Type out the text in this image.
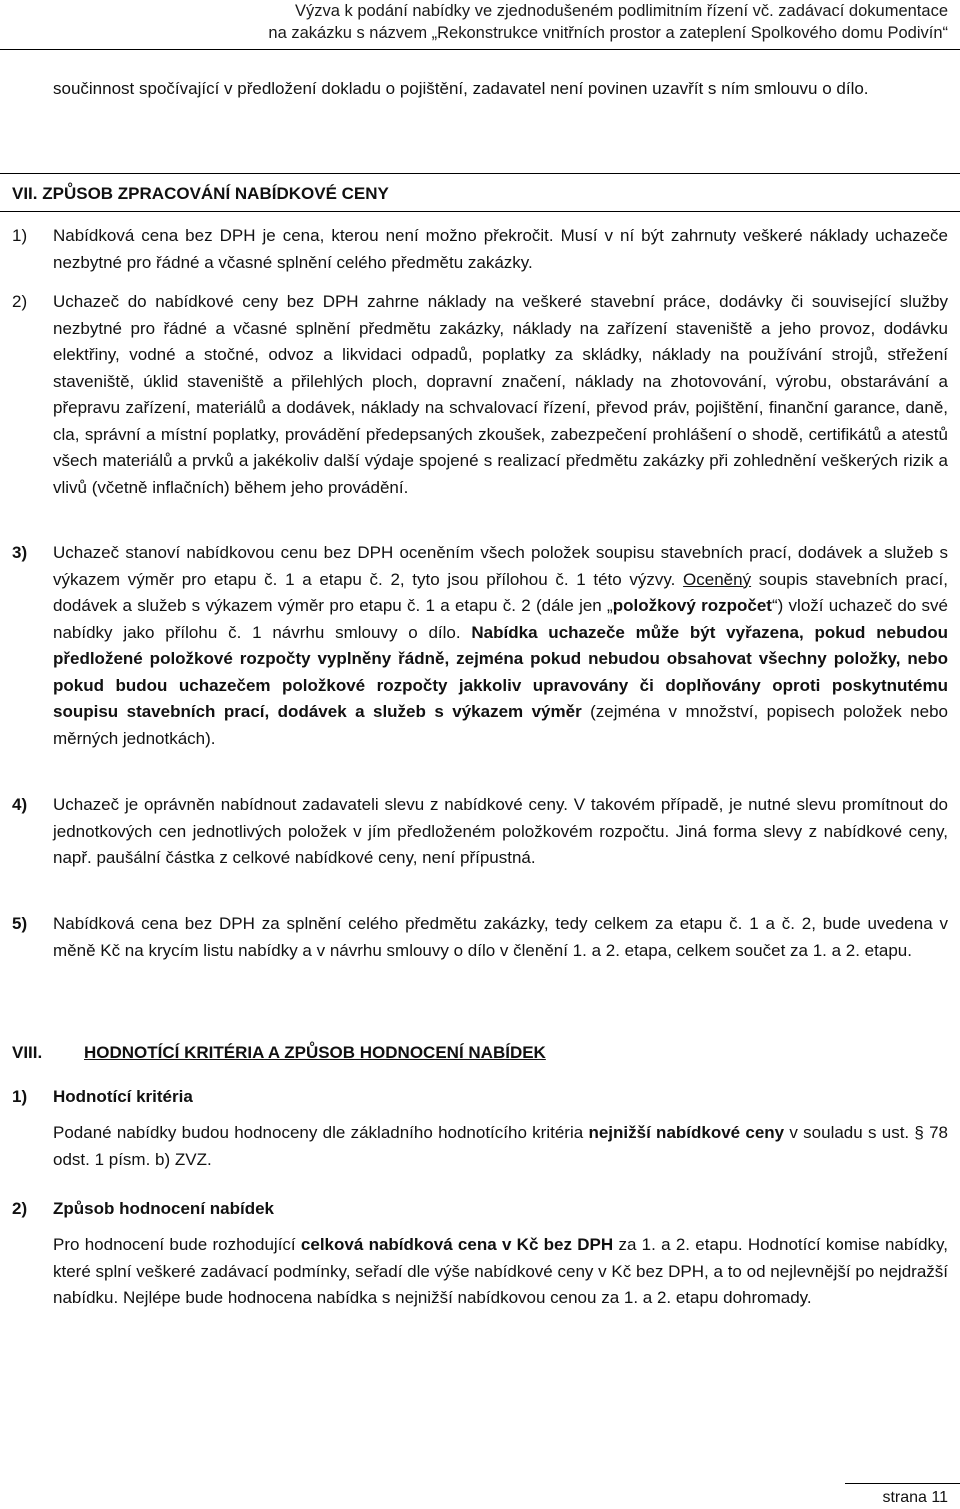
Výzva k podání nabídky ve zjednodušeném podlimitním řízení vč. zadávací dokumentace
na zakázku s názvem „Rekonstrukce vnitřních prostor a zateplení Spolkového domu Podivín“
součinnost spočívající v předložení dokladu o pojištění, zadavatel není povinen uzavřít s ním smlouvu o dílo.
VII. ZPŮSOB ZPRACOVÁNÍ NABÍDKOVÉ CENY
1)	Nabídková cena bez DPH je cena, kterou není možno překročit. Musí v ní být zahrnuty veškeré náklady uchazeče nezbytné pro řádné a včasné splnění celého předmětu zakázky.
2)	Uchazeč do nabídkové ceny bez DPH zahrne náklady na veškeré stavební práce, dodávky či související služby nezbytné pro řádné a včasné splnění předmětu zakázky, náklady na zařízení staveniště a jeho provoz, dodávku elektřiny, vodné a stočné, odvoz a likvidaci odpadů, poplatky za skládky, náklady na používání strojů, střežení staveniště, úklid staveniště a přilehlých ploch, dopravní značení, náklady na zhotovování, výrobu, obstarávání a přepravu zařízení, materiálů a dodávek, náklady na schvalovací řízení, převod práv, pojištění, finanční garance, daně, cla, správní a místní poplatky, provádění předepsaných zkoušek, zabezpečení prohlášení o shodě, certifikátů a atestů všech materiálů a prvků a jakékoliv další výdaje spojené s realizací předmětu zakázky při zohlednění veškerých rizik a vlivů (včetně inflačních) během jeho provádění.
3)	Uchazeč stanoví nabídkovou cenu bez DPH oceněním všech položek soupisu stavebních prací, dodávek a služeb s výkazem výměr pro etapu č. 1 a etapu č. 2, tyto jsou přílohou č. 1 této výzvy. Oceněný soupis stavebních prací, dodávek a služeb s výkazem výměr pro etapu č. 1 a etapu č. 2 (dále jen „položkový rozpočet“) vloží uchazeč do své nabídky jako přílohu č. 1 návrhu smlouvy o dílo. Nabídka uchazeče může být vyřazena, pokud nebudou předložené položkové rozpočty vyplněny řádně, zejména pokud nebudou obsahovat všechny položky, nebo pokud budou uchazečem položkové rozpočty jakkoliv upravovány či doplňovány oproti poskytnutému soupisu stavebních prací, dodávek a služeb s výkazem výměr (zejména v množství, popisech položek nebo měrných jednotkách).
4)	Uchazeč je oprávněn nabídnout zadavateli slevu z nabídkové ceny. V takovém případě, je nutné slevu promítnout do jednotkových cen jednotlivých položek v jím předloženém položkovém rozpočtu. Jiná forma slevy z nabídkové ceny, např. paušální částka z celkové nabídkové ceny, není přípustná.
5)	Nabídková cena bez DPH za splnění celého předmětu zakázky, tedy celkem za etapu č. 1 a č. 2, bude uvedena v měně Kč na krycím listu nabídky a v návrhu smlouvy o dílo v členění 1. a 2. etapa, celkem součet za 1. a 2. etapu.
VIII. HODNOTÍCÍ KRITÉRIA A ZPŮSOB HODNOCENÍ NABÍDEK
1) Hodnotící kritéria
Podané nabídky budou hodnoceny dle základního hodnotícího kritéria nejnižší nabídkové ceny v souladu s ust. § 78 odst. 1 písm. b) ZVZ.
2) Způsob hodnocení nabídek
Pro hodnocení bude rozhodující celková nabídková cena v Kč bez DPH za 1. a 2. etapu. Hodnotící komise nabídky, které splní veškeré zadávací podmínky, seřadí dle výše nabídkové ceny v Kč bez DPH, a to od nejlevnější po nejdražší nabídku. Nejlépe bude hodnocena nabídka s nejnižší nabídkovou cenou za 1. a 2. etapu dohromady.
strana 11
